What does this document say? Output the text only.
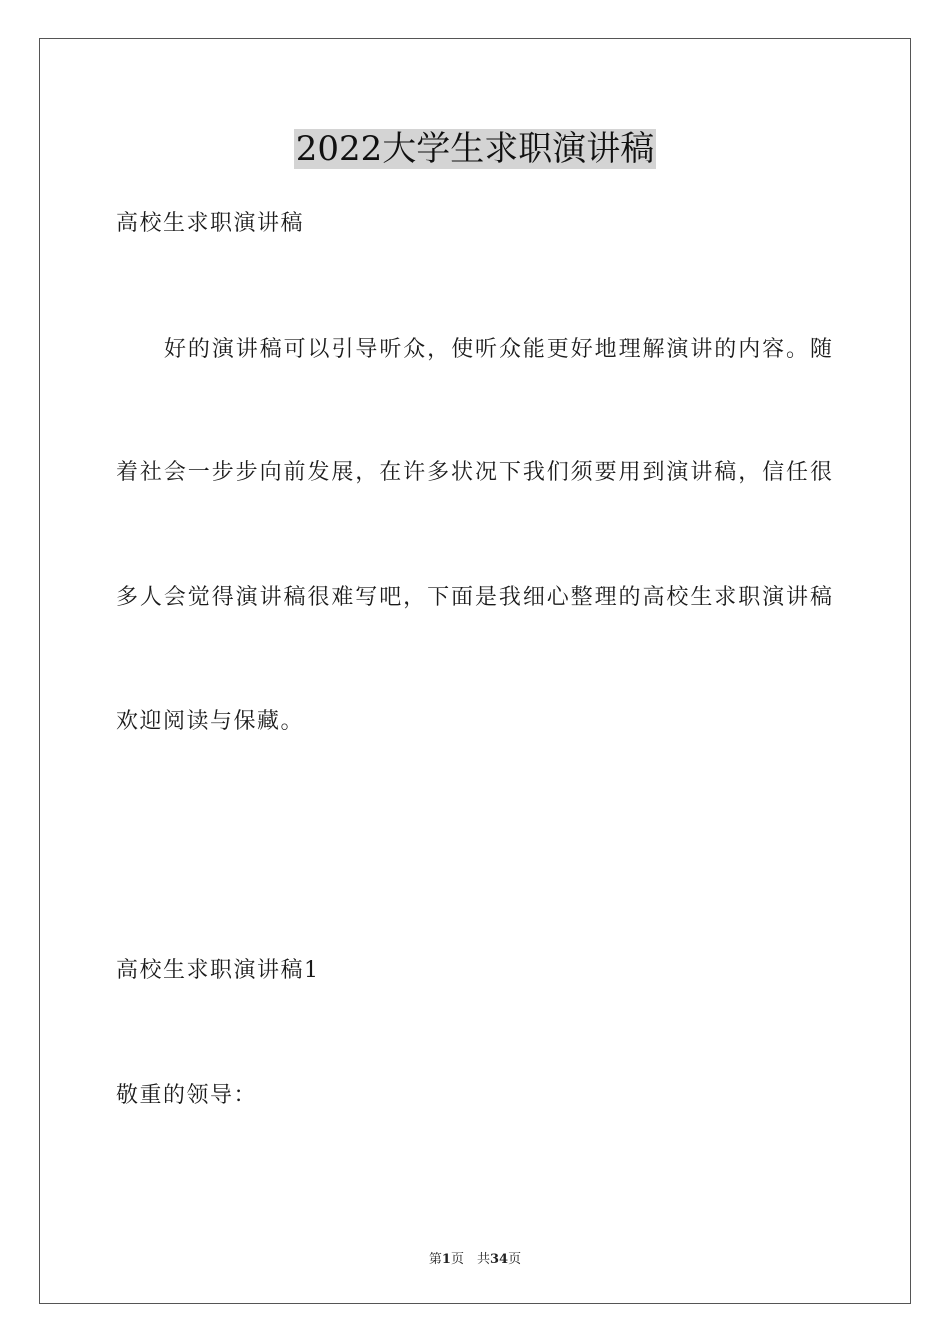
2022大学生求职演讲稿
高校生求职演讲稿
好的演讲稿可以引导听众，使听众能更好地理解演讲的内容。随
着社会一步步向前发展，在许多状况下我们须要用到演讲稿，信任很
多人会觉得演讲稿很难写吧，下面是我细心整理的高校生求职演讲稿
欢迎阅读与保藏。
高校生求职演讲稿1
敬重的领导：
第1页　共34页
